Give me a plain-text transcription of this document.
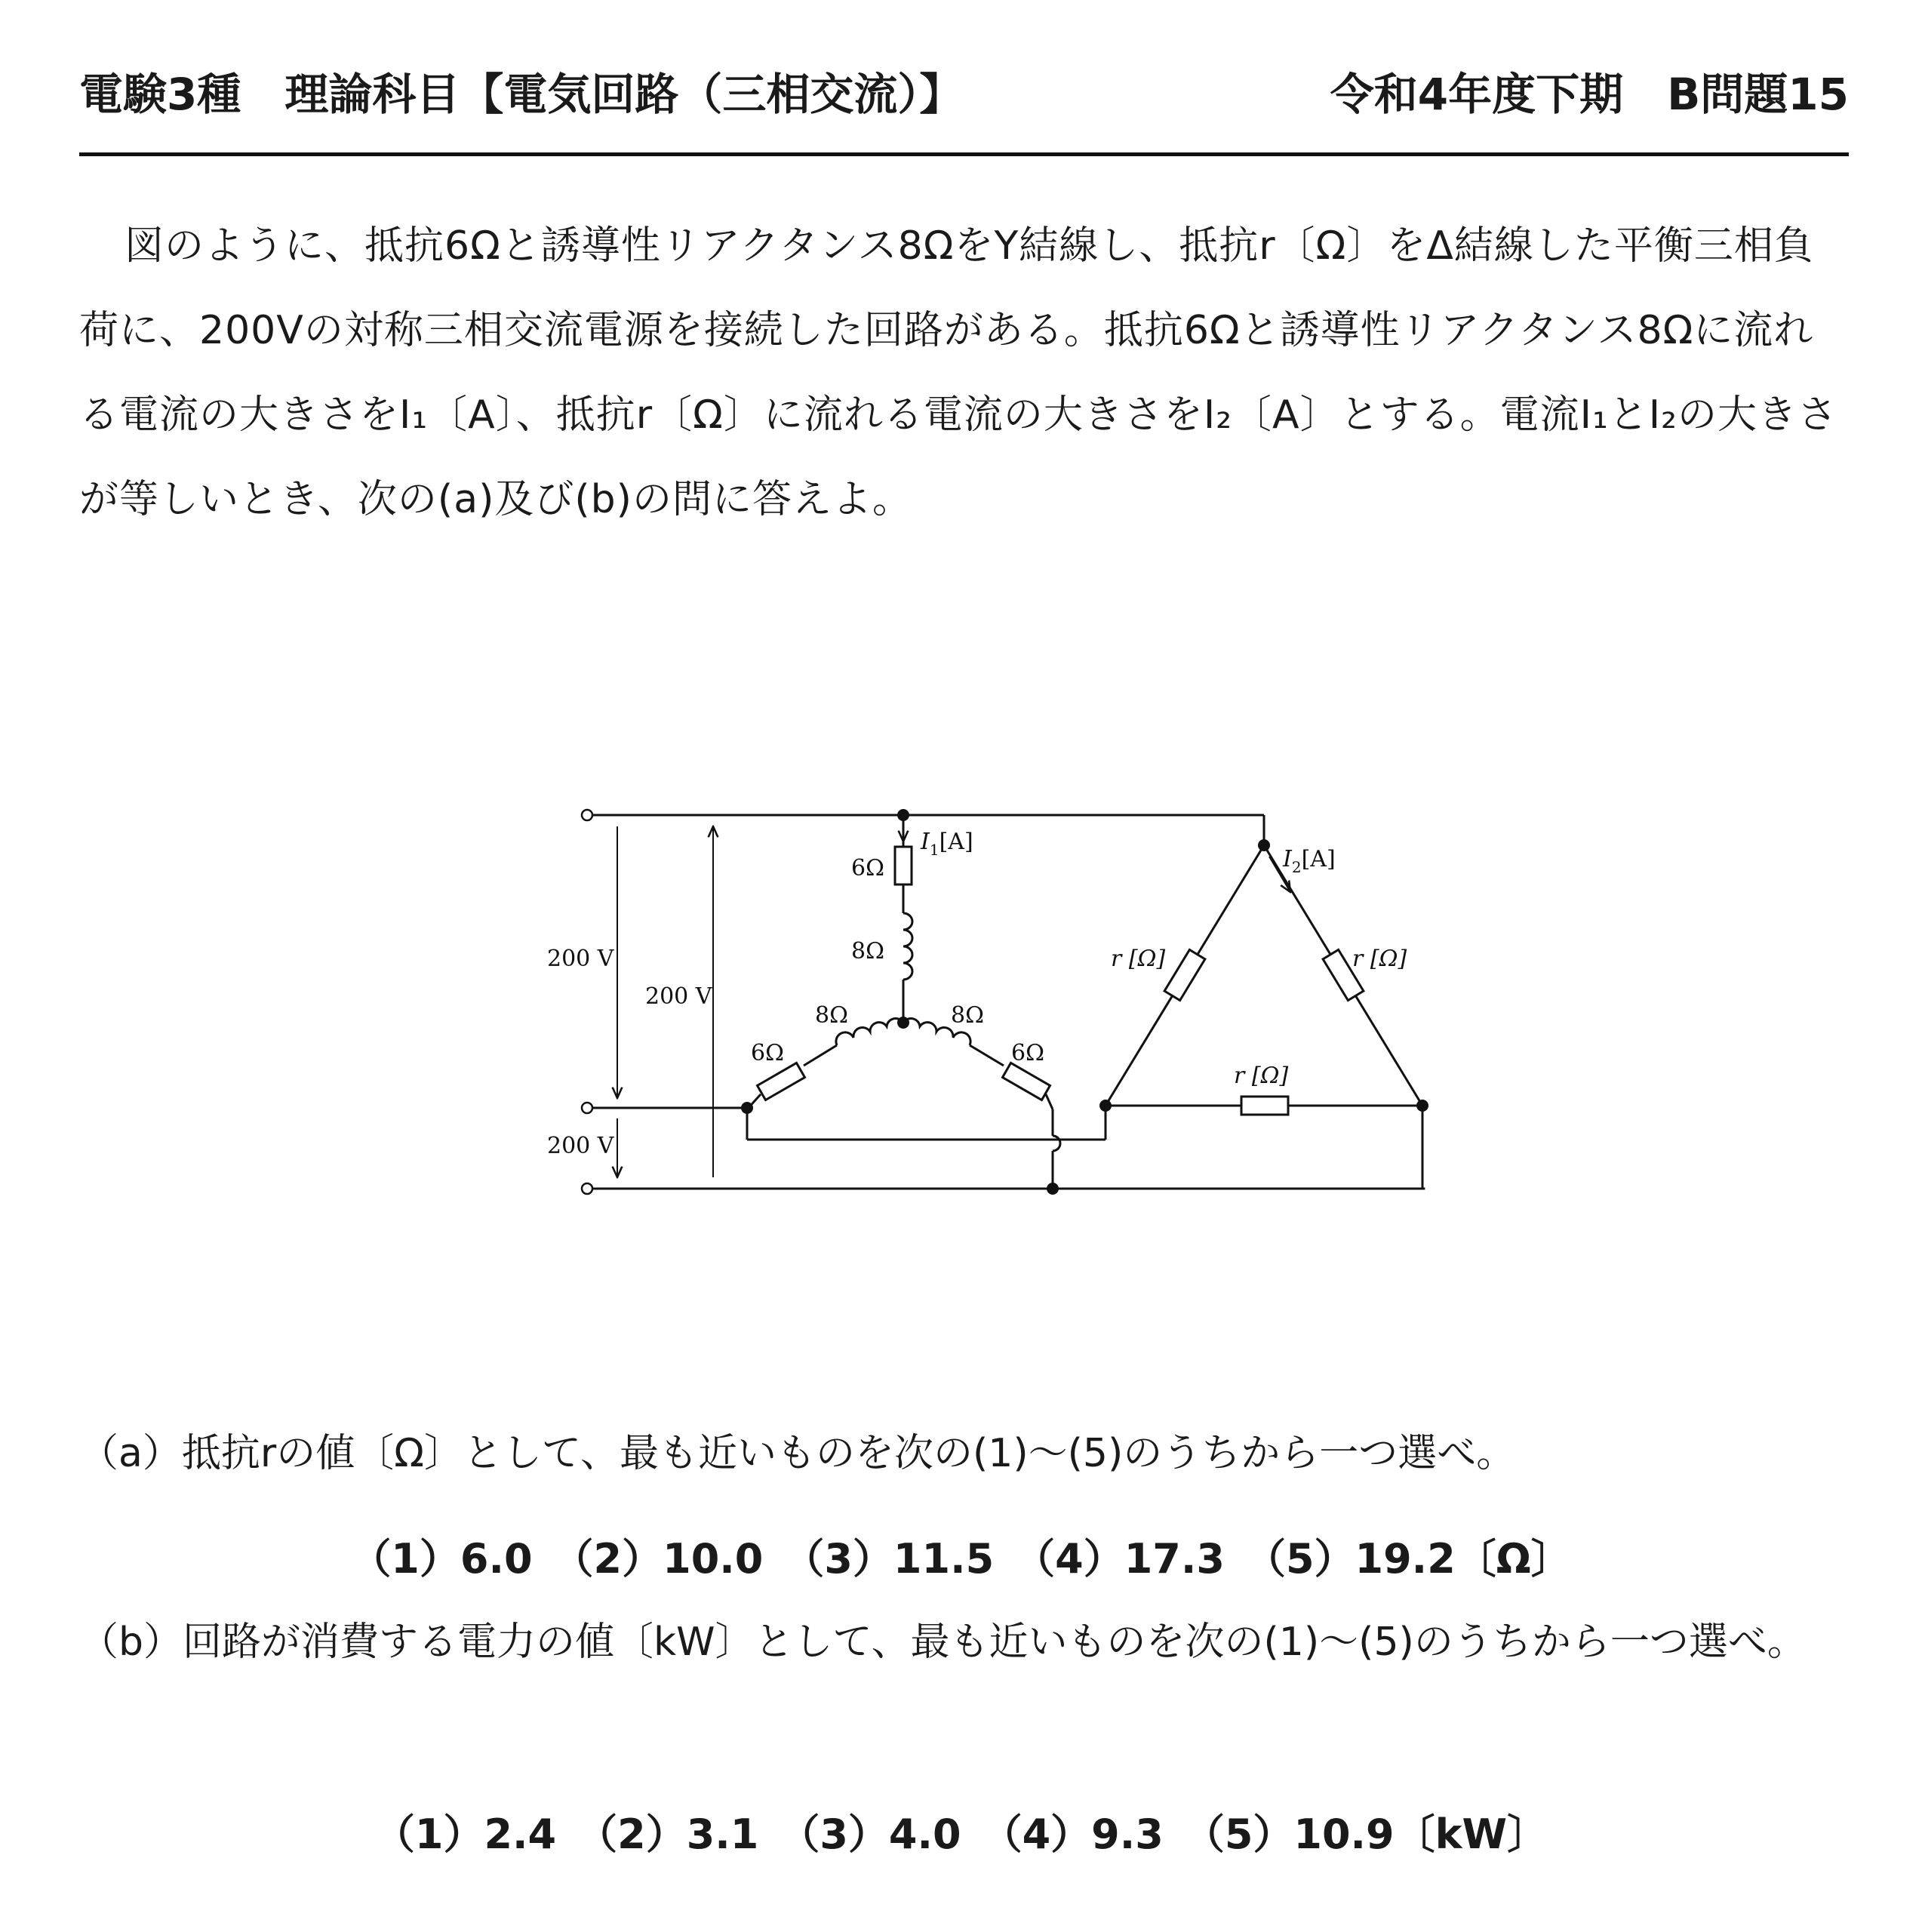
電験3種　理論科目【電気回路（三相交流）】	令和4年度下期　B問題15

図のように、抵抗6Ωと誘導性リアクタンス8ΩをY結線し、抵抗r〔Ω〕をΔ結線した平衡三相負荷に、200Vの対称三相交流電源を接続した回路がある。抵抗6Ωと誘導性リアクタンス8Ωに流れる電流の大きさをI₁〔A〕、抵抗r〔Ω〕に流れる電流の大きさをI₂〔A〕とする。電流I₁とI₂の大きさが等しいとき、次の(a)及び(b)の問に答えよ。

200 V
200 V
200 V
$I_1[A]$
$I_2[A]$
6Ω
8Ω
8Ω	8Ω
6Ω	6Ω
r [Ω]	r [Ω]
r [Ω]
（a）抵抗rの値〔Ω〕として、最も近いものを次の(1)〜(5)のうちから一つ選べ。
（1）6.0　（2）10.0　（3）11.5　（4）17.3　（5）19.2〔Ω〕
（b）回路が消費する電力の値〔kW〕として、最も近いものを次の(1)〜(5)のうちから一つ選べ。
（1）2.4　（2）3.1　（3）4.0　（4）9.3　（5）10.9〔kW〕
